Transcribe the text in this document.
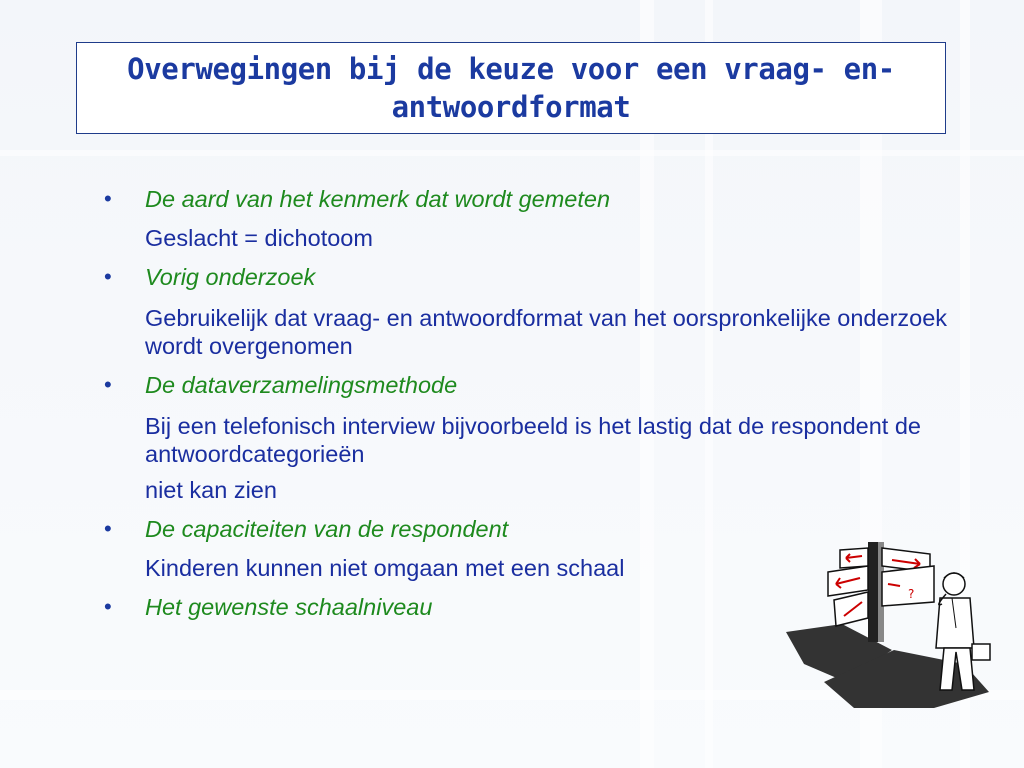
Overwegingen bij de keuze voor een vraag- en- antwoordformat
• De aard van het kenmerk dat wordt gemeten

Geslacht = dichotoom

• Vorig onderzoek

Gebruikelijk dat vraag- en antwoordformat van het oorspronkelijke onderzoek wordt overgenomen

• De dataverzamelingsmethode

Bij een telefonisch interview bijvoorbeeld is het lastig dat de respondent de antwoordcategorieën

niet kan zien

• De capaciteiten van de respondent

Kinderen kunnen niet omgaan met een schaal

• Het gewenste schaalniveau	?
